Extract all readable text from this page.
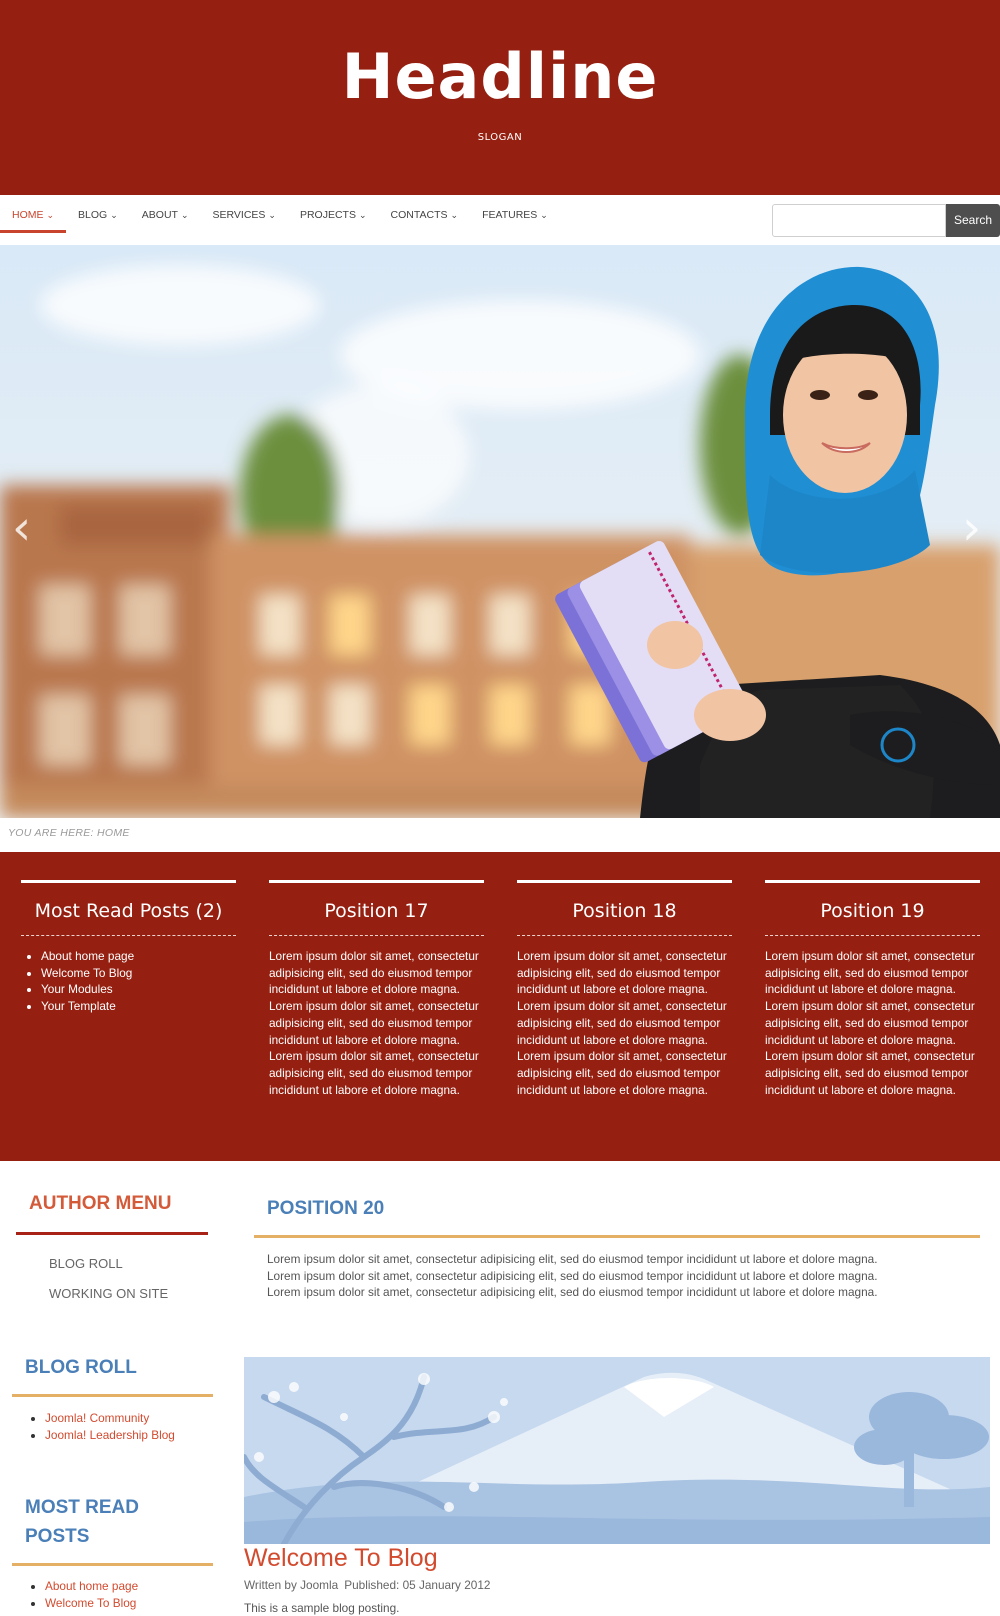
Headline
SLOGAN
HOME ⌄	BLOG ⌄	ABOUT ⌄	SERVICES ⌄	PROJECTS ⌄	CONTACTS ⌄	FEATURES ⌄	Search
‹	›
YOU ARE HERE: HOME
Most Read Posts (2)
• About home page
• Welcome To Blog
• Your Modules
• Your Template
Position 17
Lorem ipsum dolor sit amet, consectetur adipisicing elit, sed do eiusmod tempor incididunt ut labore et dolore magna. Lorem ipsum dolor sit amet, consectetur adipisicing elit, sed do eiusmod tempor incididunt ut labore et dolore magna. Lorem ipsum dolor sit amet, consectetur adipisicing elit, sed do eiusmod tempor incididunt ut labore et dolore magna.
Position 18
Lorem ipsum dolor sit amet, consectetur adipisicing elit, sed do eiusmod tempor incididunt ut labore et dolore magna. Lorem ipsum dolor sit amet, consectetur adipisicing elit, sed do eiusmod tempor incididunt ut labore et dolore magna. Lorem ipsum dolor sit amet, consectetur adipisicing elit, sed do eiusmod tempor incididunt ut labore et dolore magna.
Position 19
Lorem ipsum dolor sit amet, consectetur adipisicing elit, sed do eiusmod tempor incididunt ut labore et dolore magna. Lorem ipsum dolor sit amet, consectetur adipisicing elit, sed do eiusmod tempor incididunt ut labore et dolore magna. Lorem ipsum dolor sit amet, consectetur adipisicing elit, sed do eiusmod tempor incididunt ut labore et dolore magna.
AUTHOR MENU
BLOG ROLL
WORKING ON SITE
POSITION 20
Lorem ipsum dolor sit amet, consectetur adipisicing elit, sed do eiusmod tempor incididunt ut labore et dolore magna.
Lorem ipsum dolor sit amet, consectetur adipisicing elit, sed do eiusmod tempor incididunt ut labore et dolore magna.
Lorem ipsum dolor sit amet, consectetur adipisicing elit, sed do eiusmod tempor incididunt ut labore et dolore magna.
BLOG ROLL
• Joomla! Community
• Joomla! Leadership Blog
MOST READ
POSTS
• About home page
• Welcome To Blog
Welcome To Blog
Written by Joomla Published: 05 January 2012
This is a sample blog posting.
